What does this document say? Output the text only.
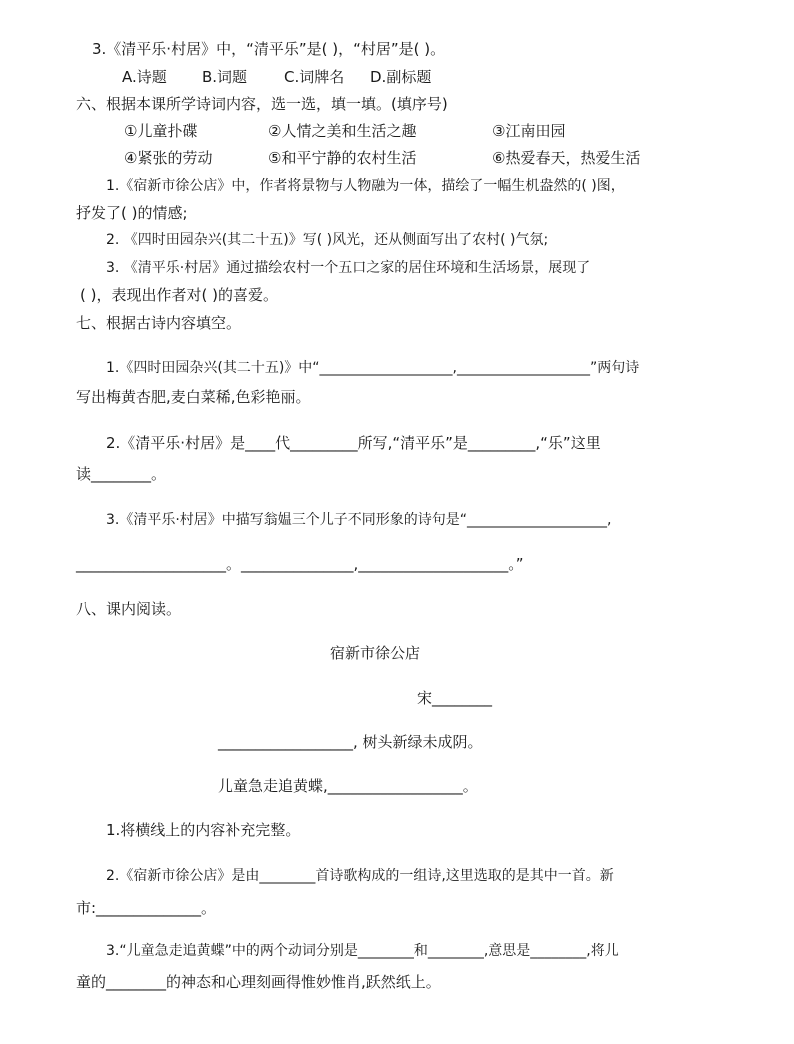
3.《清平乐·村居》中，“清平乐”是( )，“村居”是( )。
A.诗题 B.词题 C.词牌名 D.副标题
六、根据本课所学诗词内容，选一选，填一填。(填序号)
①儿童扑碟	②人情之美和生活之趣	③江南田园
④紧张的劳动	⑤和平宁静的农村生活	⑥热爱春天，热爱生活
1.《宿新市徐公店》中，作者将景物与人物融为一体，描绘了一幅生机盎然的( )图，
抒发了( )的情感;
2. 《四时田园杂兴(其二十五)》写( )风光，还从侧面写出了农村( )气氛;
3. 《清平乐·村居》通过描绘农村一个五口之家的居住环境和生活场景，展现了
( )，表现出作者对( )的喜爱。
七、根据古诗内容填空。
1.《四时田园杂兴(其二十五)》中“___________________,___________________”两句诗
写出梅黄杏肥,麦白菜稀,色彩艳丽。
2.《清平乐·村居》是____代_________所写,“清平乐”是_________,“乐”这里
读________。
3.《清平乐·村居》中描写翁媪三个儿子不同形象的诗句是“____________________,
____________________。_______________,____________________。”
八、课内阅读。
宿新市徐公店
宋________
__________________, 树头新绿未成阴。
儿童急走追黄蝶,__________________。
1.将横线上的内容补充完整。
2.《宿新市徐公店》是由________首诗歌构成的一组诗,这里选取的是其中一首。新
市:______________。
3.“儿童急走追黄蝶”中的两个动词分别是________和________,意思是________,将儿
童的________的神态和心理刻画得惟妙惟肖,跃然纸上。
